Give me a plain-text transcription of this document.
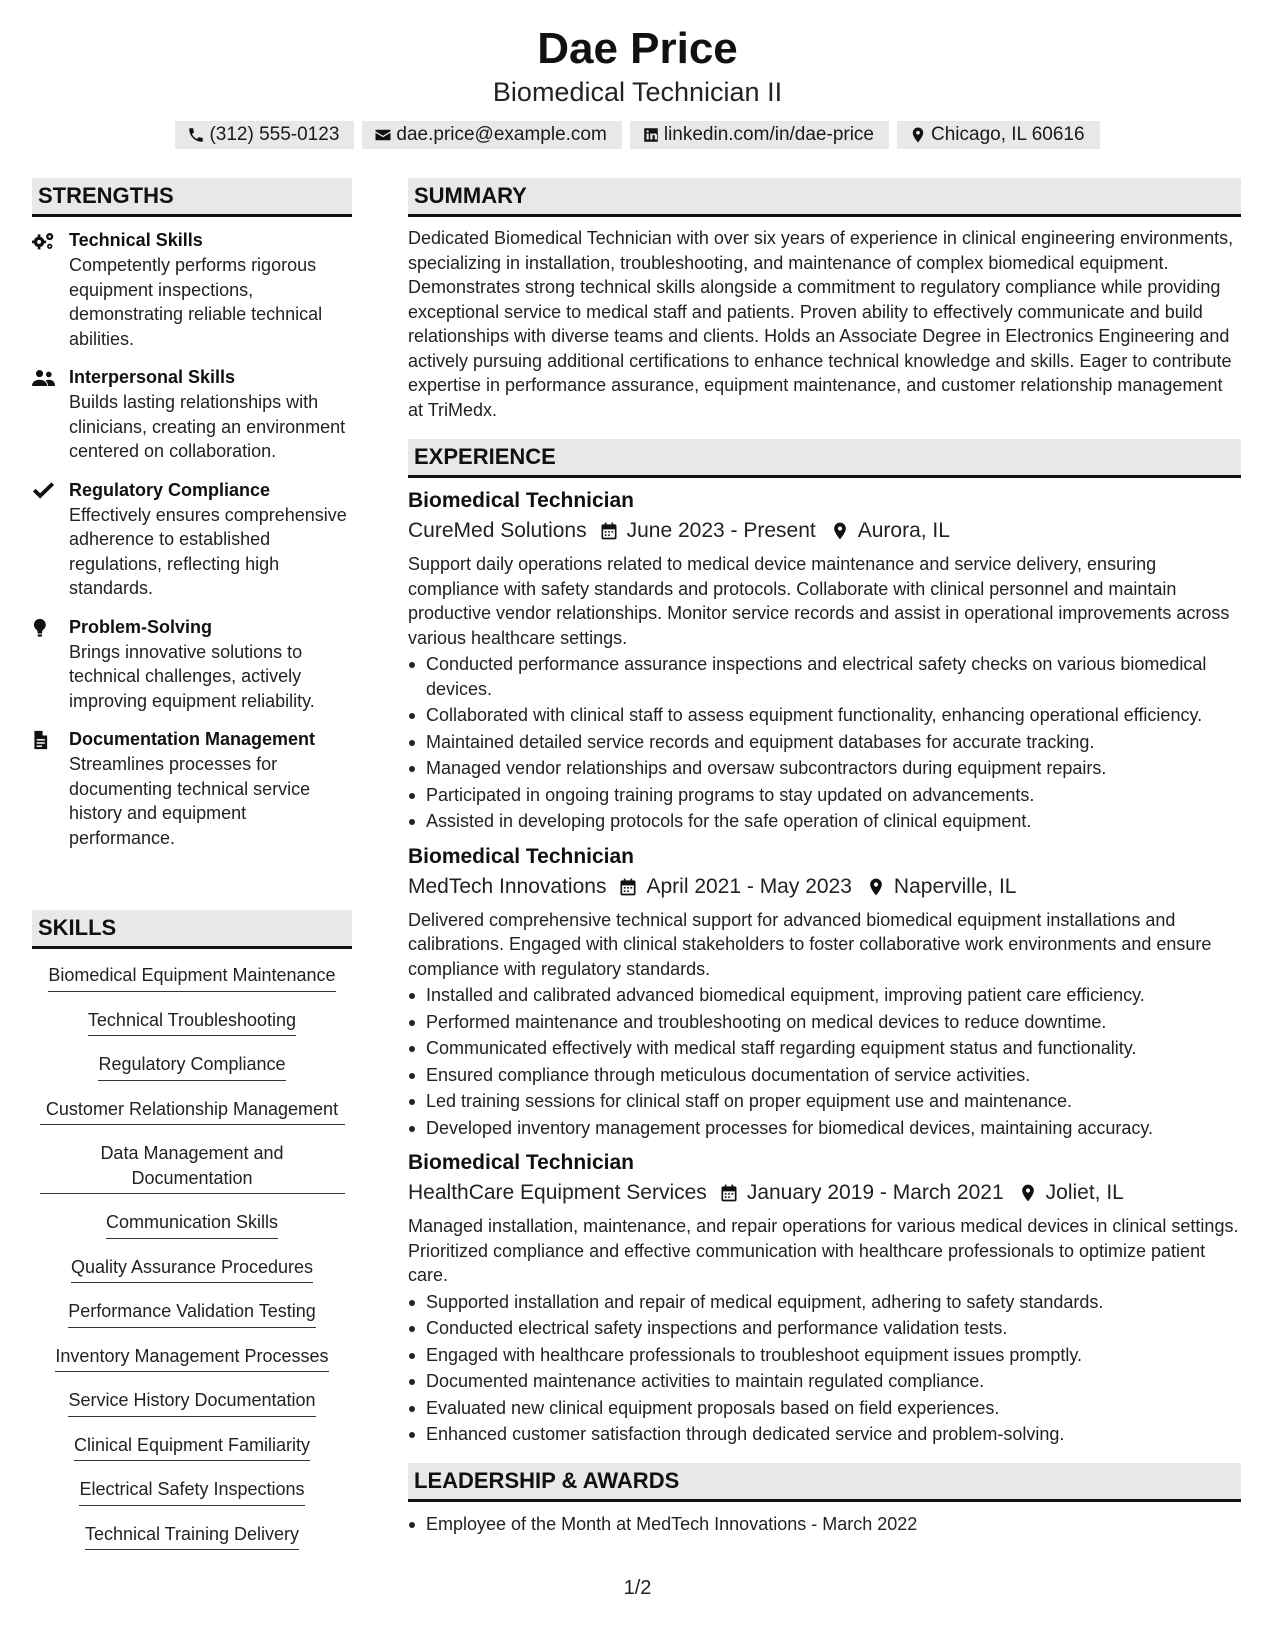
Dae Price
Biomedical Technician II
(312) 555-0123	dae.price@example.com	linkedin.com/in/dae-price	Chicago, IL 60616
STRENGTHS
Technical Skills
Competently performs rigorous equipment inspections, demonstrating reliable technical abilities.
Interpersonal Skills
Builds lasting relationships with clinicians, creating an environment centered on collaboration.
Regulatory Compliance
Effectively ensures comprehensive adherence to established regulations, reflecting high standards.
Problem-Solving
Brings innovative solutions to technical challenges, actively improving equipment reliability.
Documentation Management
Streamlines processes for documenting technical service history and equipment performance.
SKILLS
Biomedical Equipment Maintenance
Technical Troubleshooting
Regulatory Compliance
Customer Relationship Management
Data Management and Documentation
Communication Skills
Quality Assurance Procedures
Performance Validation Testing
Inventory Management Processes
Service History Documentation
Clinical Equipment Familiarity
Electrical Safety Inspections
Technical Training Delivery
SUMMARY
Dedicated Biomedical Technician with over six years of experience in clinical engineering environments, specializing in installation, troubleshooting, and maintenance of complex biomedical equipment. Demonstrates strong technical skills alongside a commitment to regulatory compliance while providing exceptional service to medical staff and patients. Proven ability to effectively communicate and build relationships with diverse teams and clients. Holds an Associate Degree in Electronics Engineering and actively pursuing additional certifications to enhance technical knowledge and skills. Eager to contribute expertise in performance assurance, equipment maintenance, and customer relationship management at TriMedx.
EXPERIENCE
Biomedical Technician
CureMed Solutions June 2023 - Present Aurora, IL
Support daily operations related to medical device maintenance and service delivery, ensuring compliance with safety standards and protocols. Collaborate with clinical personnel and maintain productive vendor relationships. Monitor service records and assist in operational improvements across various healthcare settings.
Conducted performance assurance inspections and electrical safety checks on various biomedical devices.
Collaborated with clinical staff to assess equipment functionality, enhancing operational efficiency.
Maintained detailed service records and equipment databases for accurate tracking.
Managed vendor relationships and oversaw subcontractors during equipment repairs.
Participated in ongoing training programs to stay updated on advancements.
Assisted in developing protocols for the safe operation of clinical equipment.
Biomedical Technician
MedTech Innovations April 2021 - May 2023 Naperville, IL
Delivered comprehensive technical support for advanced biomedical equipment installations and calibrations. Engaged with clinical stakeholders to foster collaborative work environments and ensure compliance with regulatory standards.
Installed and calibrated advanced biomedical equipment, improving patient care efficiency.
Performed maintenance and troubleshooting on medical devices to reduce downtime.
Communicated effectively with medical staff regarding equipment status and functionality.
Ensured compliance through meticulous documentation of service activities.
Led training sessions for clinical staff on proper equipment use and maintenance.
Developed inventory management processes for biomedical devices, maintaining accuracy.
Biomedical Technician
HealthCare Equipment Services January 2019 - March 2021 Joliet, IL
Managed installation, maintenance, and repair operations for various medical devices in clinical settings. Prioritized compliance and effective communication with healthcare professionals to optimize patient care.
Supported installation and repair of medical equipment, adhering to safety standards.
Conducted electrical safety inspections and performance validation tests.
Engaged with healthcare professionals to troubleshoot equipment issues promptly.
Documented maintenance activities to maintain regulated compliance.
Evaluated new clinical equipment proposals based on field experiences.
Enhanced customer satisfaction through dedicated service and problem-solving.
LEADERSHIP & AWARDS
Employee of the Month at MedTech Innovations - March 2022
1/2
